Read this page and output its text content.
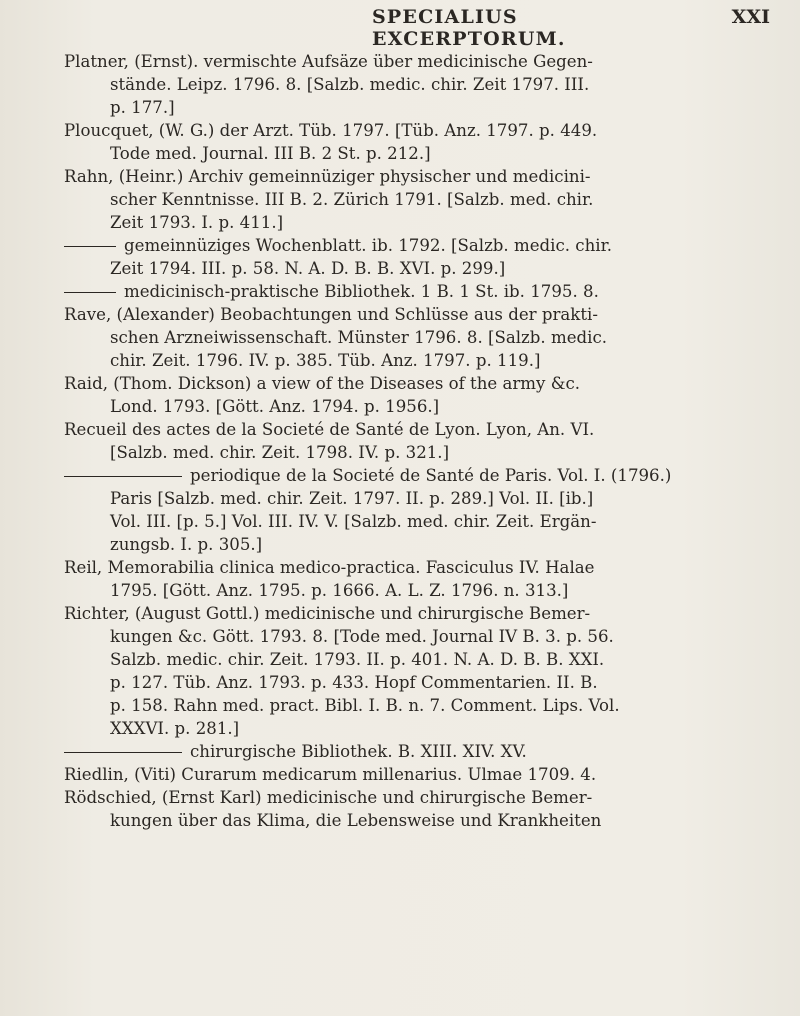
SPECIALIUS EXCERPTORUM.
XXI
Platner, (Ernst). vermischte Aufsäze über medicinische Gegen-
stände. Leipz. 1796. 8. [Salzb. medic. chir. Zeit 1797. III.
p. 177.]
Ploucquet, (W. G.) der Arzt. Tüb. 1797. [Tüb. Anz. 1797. p. 449.
Tode med. Journal. III B. 2 St. p. 212.]
Rahn, (Heinr.) Archiv gemeinnüziger physischer und medicini-
scher Kenntnisse. III B. 2. Zürich 1791. [Salzb. med. chir.
Zeit 1793. I. p. 411.]
gemeinnüziges Wochenblatt. ib. 1792. [Salzb. medic. chir.
Zeit 1794. III. p. 58. N. A. D. B. B. XVI. p. 299.]
medicinisch-praktische Bibliothek. 1 B. 1 St. ib. 1795. 8.
Rave, (Alexander) Beobachtungen und Schlüsse aus der prakti-
schen Arzneiwissenschaft. Münster 1796. 8. [Salzb. medic.
chir. Zeit. 1796. IV. p. 385. Tüb. Anz. 1797. p. 119.]
Raid, (Thom. Dickson) a view of the Diseases of the army &c.
Lond. 1793. [Gött. Anz. 1794. p. 1956.]
Recueil des actes de la Societé de Santé de Lyon. Lyon, An. VI.
[Salzb. med. chir. Zeit. 1798. IV. p. 321.]
periodique de la Societé de Santé de Paris. Vol. I. (1796.)
Paris [Salzb. med. chir. Zeit. 1797. II. p. 289.] Vol. II. [ib.]
Vol. III. [p. 5.] Vol. III. IV. V. [Salzb. med. chir. Zeit. Ergän-
zungsb. I. p. 305.]
Reil, Memorabilia clinica medico-practica. Fasciculus IV. Halae
1795. [Gött. Anz. 1795. p. 1666. A. L. Z. 1796. n. 313.]
Richter, (August Gottl.) medicinische und chirurgische Bemer-
kungen &c. Gött. 1793. 8. [Tode med. Journal IV B. 3. p. 56.
Salzb. medic. chir. Zeit. 1793. II. p. 401. N. A. D. B. B. XXI.
p. 127. Tüb. Anz. 1793. p. 433. Hopf Commentarien. II. B.
p. 158. Rahn med. pract. Bibl. I. B. n. 7. Comment. Lips. Vol.
XXXVI. p. 281.]
chirurgische Bibliothek. B. XIII. XIV. XV.
Riedlin, (Viti) Curarum medicarum millenarius. Ulmae 1709. 4.
Rödschied, (Ernst Karl) medicinische und chirurgische Bemer-
kungen über das Klima, die Lebensweise und Krankheiten
